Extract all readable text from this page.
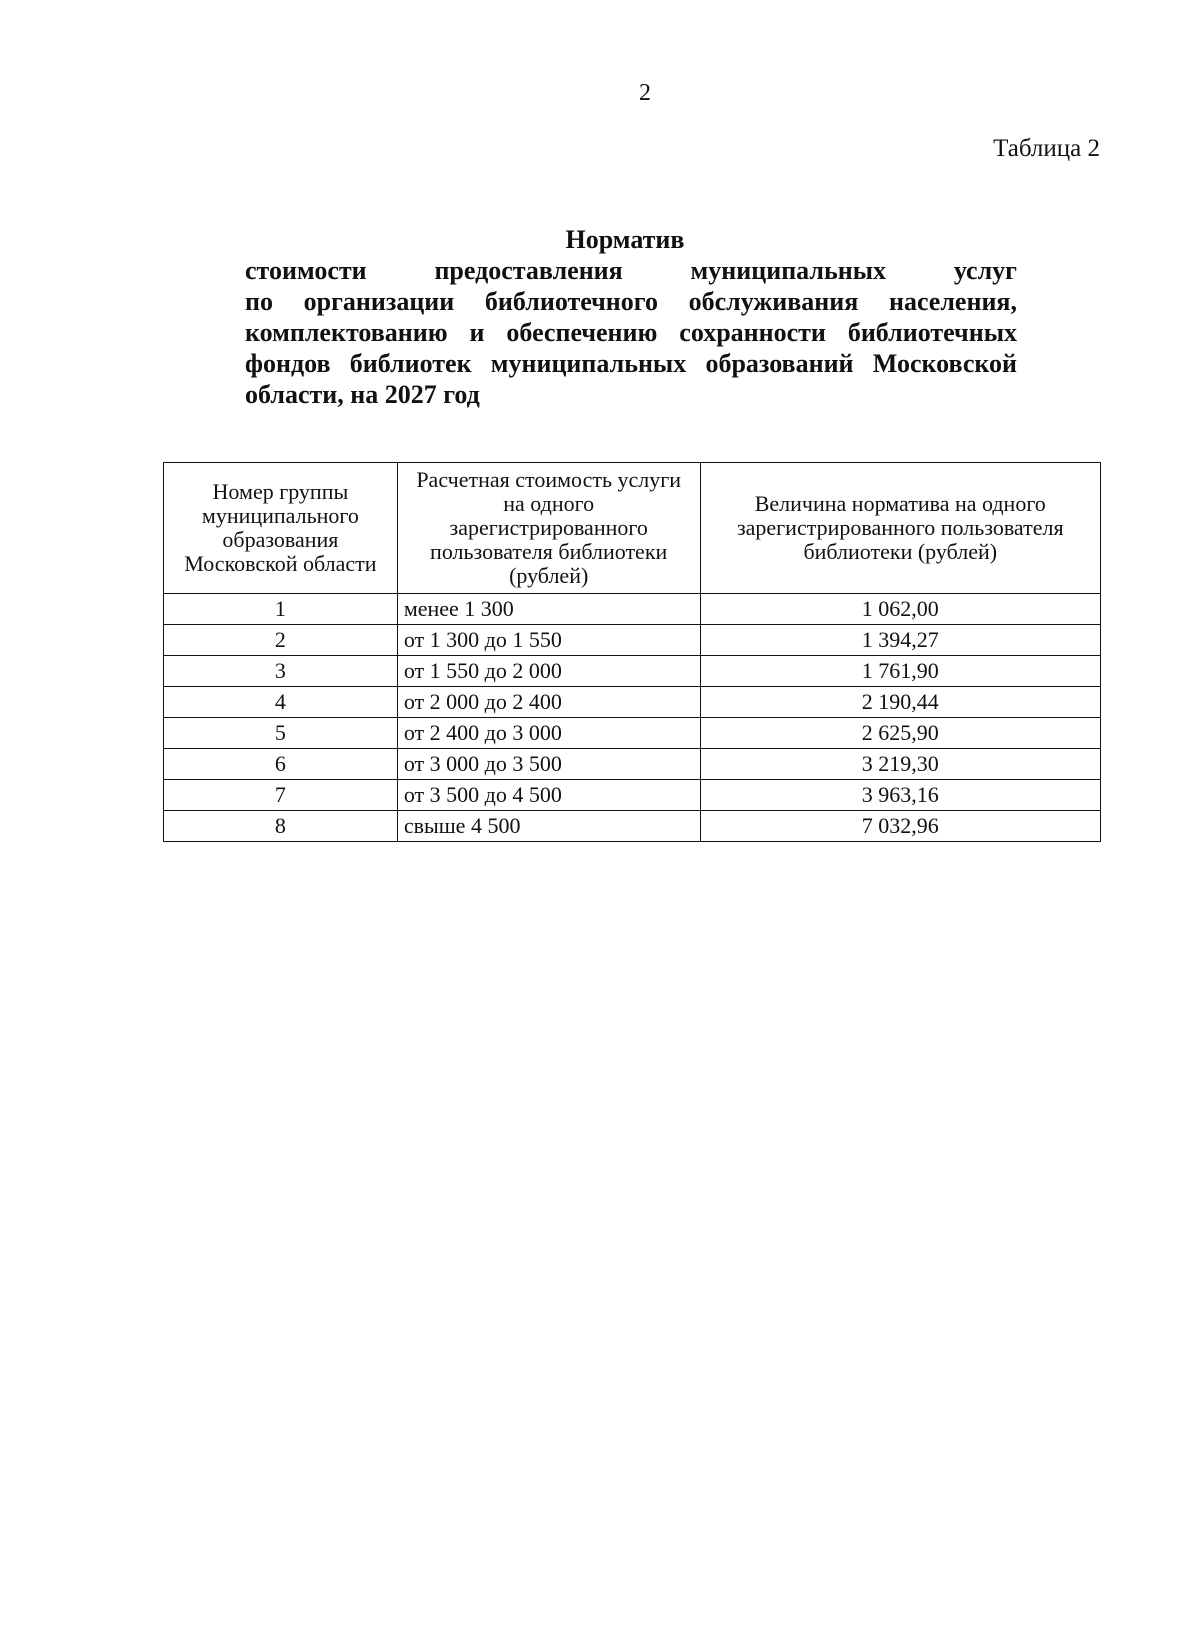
2
Таблица 2
Норматив
стоимости предоставления муниципальных услуг
по организации библиотечного обслуживания населения,
комплектованию и обеспечению сохранности библиотечных
фондов библиотек муниципальных образований Московской
области, на 2027 год
Номер группы муниципального образования Московской области	Расчетная стоимость услуги на одного зарегистрированного пользователя библиотеки (рублей)	Величина норматива на одного зарегистрированного пользователя библиотеки (рублей)
1	менее 1 300	1 062,00
2	от 1 300 до 1 550	1 394,27
3	от 1 550 до 2 000	1 761,90
4	от 2 000 до 2 400	2 190,44
5	от 2 400 до 3 000	2 625,90
6	от 3 000 до 3 500	3 219,30
7	от 3 500 до 4 500	3 963,16
8	свыше 4 500	7 032,96
